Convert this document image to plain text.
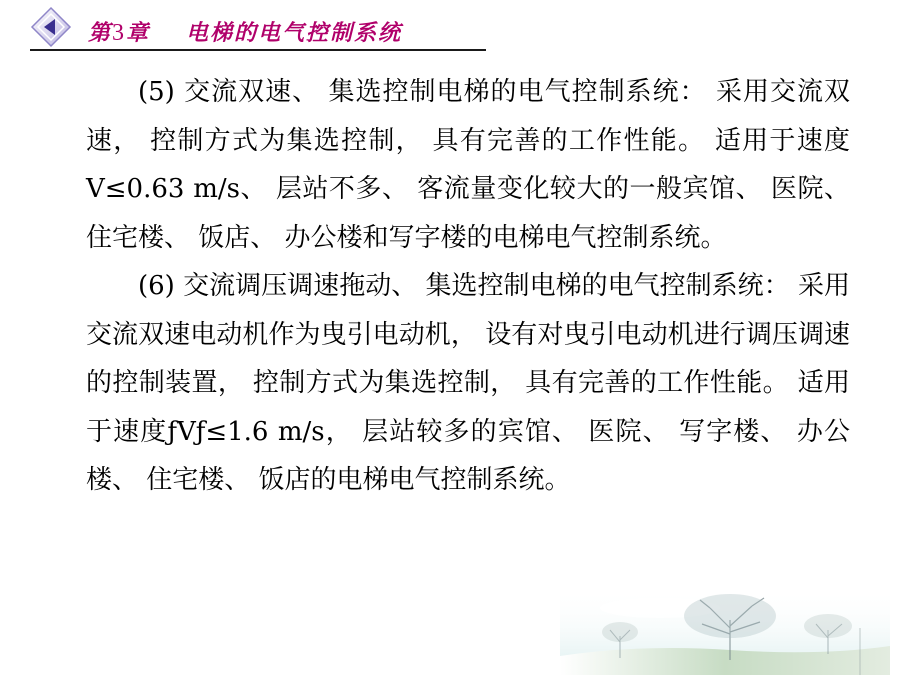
第3章 电梯的电气控制系统

(5) 交流双速、 集选控制电梯的电气控制系统： 采用交流双速， 控制方式为集选控制， 具有完善的工作性能。 适用于速度V≤0.63 m/s、 层站不多、 客流量变化较大的一般宾馆、 医院、 住宅楼、 饭店、 办公楼和写字楼的电梯电气控制系统。

(6) 交流调压调速拖动、 集选控制电梯的电气控制系统： 采用交流双速电动机作为曳引电动机， 设有对曳引电动机进行调压调速的控制装置， 控制方式为集选控制， 具有完善的工作性能。 适用于速度ƒVƒ≤1.6 m/s， 层站较多的宾馆、 医院、 写字楼、 办公楼、 住宅楼、 饭店的电梯电气控制系统。
